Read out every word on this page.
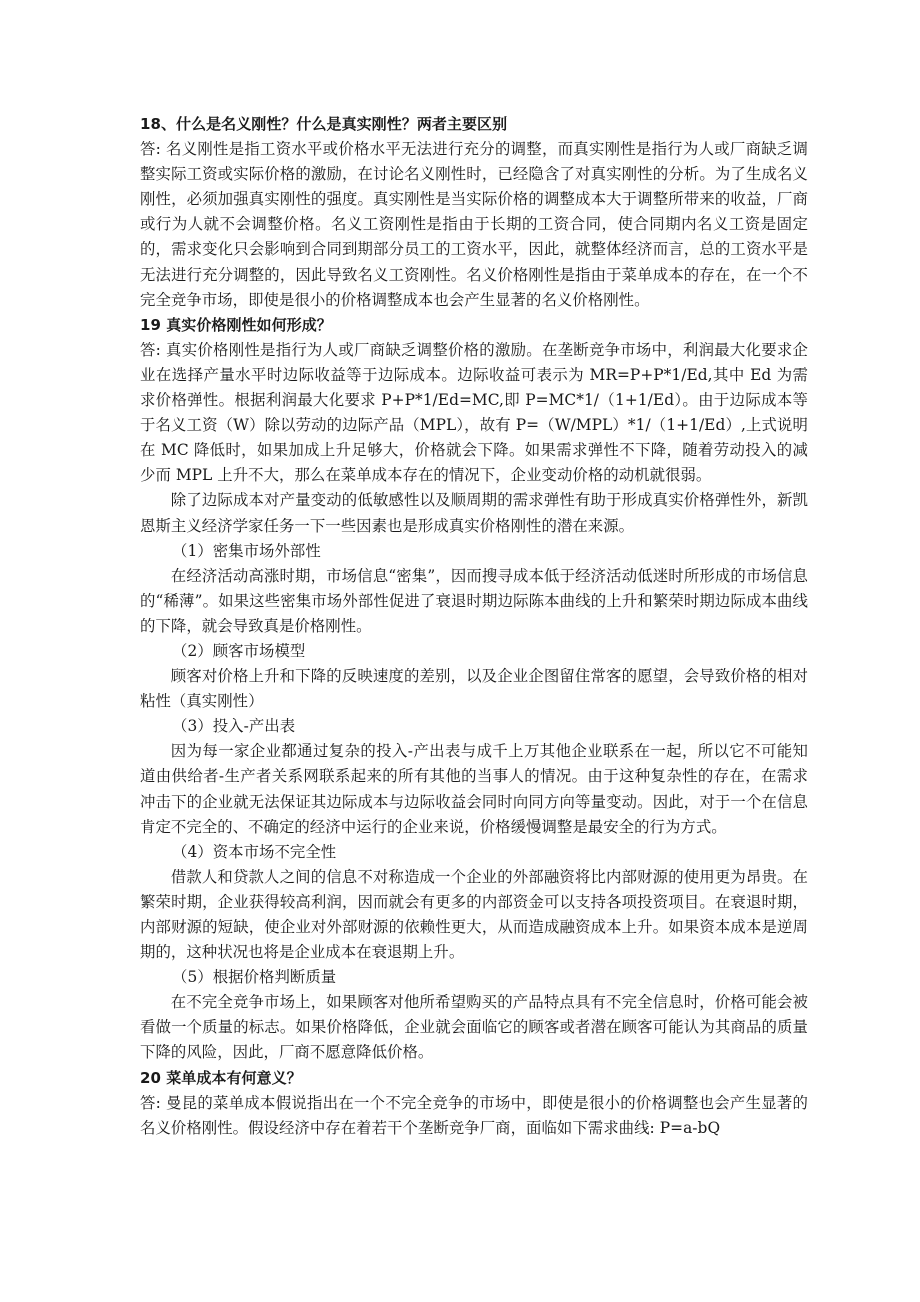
18、什么是名义刚性？什么是真实刚性？两者主要区别

答: 名义刚性是指工资水平或价格水平无法进行充分的调整，而真实刚性是指行为人或厂商缺乏调整实际工资或实际价格的激励，在讨论名义刚性时，已经隐含了对真实刚性的分析。为了生成名义刚性，必须加强真实刚性的强度。真实刚性是当实际价格的调整成本大于调整所带来的收益，厂商或行为人就不会调整价格。名义工资刚性是指由于长期的工资合同，使合同期内名义工资是固定的，需求变化只会影响到合同到期部分员工的工资水平，因此，就整体经济而言，总的工资水平是无法进行充分调整的，因此导致名义工资刚性。名义价格刚性是指由于菜单成本的存在，在一个不完全竞争市场，即使是很小的价格调整成本也会产生显著的名义价格刚性。

19 真实价格刚性如何形成？

答: 真实价格刚性是指行为人或厂商缺乏调整价格的激励。在垄断竞争市场中，利润最大化要求企业在选择产量水平时边际收益等于边际成本。边际收益可表示为 MR=P+P*1/Ed,其中 Ed 为需求价格弹性。根据利润最大化要求 P+P*1/Ed=MC,即 P=MC*1/（1+1/Ed）。由于边际成本等于名义工资（W）除以劳动的边际产品（MPL），故有 P=（W/MPL）*1/（1+1/Ed）,上式说明在 MC 降低时，如果加成上升足够大，价格就会下降。如果需求弹性不下降，随着劳动投入的减少而 MPL 上升不大，那么在菜单成本存在的情况下，企业变动价格的动机就很弱。

除了边际成本对产量变动的低敏感性以及顺周期的需求弹性有助于形成真实价格弹性外，新凯恩斯主义经济学家任务一下一些因素也是形成真实价格刚性的潜在来源。

（1）密集市场外部性

在经济活动高涨时期，市场信息“密集”，因而搜寻成本低于经济活动低迷时所形成的市场信息的“稀薄”。如果这些密集市场外部性促进了衰退时期边际陈本曲线的上升和繁荣时期边际成本曲线的下降，就会导致真是价格刚性。

（2）顾客市场模型

顾客对价格上升和下降的反映速度的差别，以及企业企图留住常客的愿望，会导致价格的相对粘性（真实刚性）

（3）投入-产出表

因为每一家企业都通过复杂的投入-产出表与成千上万其他企业联系在一起，所以它不可能知道由供给者-生产者关系网联系起来的所有其他的当事人的情况。由于这种复杂性的存在，在需求冲击下的企业就无法保证其边际成本与边际收益会同时向同方向等量变动。因此，对于一个在信息肯定不完全的、不确定的经济中运行的企业来说，价格缓慢调整是最安全的行为方式。

（4）资本市场不完全性

借款人和贷款人之间的信息不对称造成一个企业的外部融资将比内部财源的使用更为昂贵。在繁荣时期，企业获得较高利润，因而就会有更多的内部资金可以支持各项投资项目。在衰退时期，内部财源的短缺，使企业对外部财源的依赖性更大，从而造成融资成本上升。如果资本成本是逆周期的，这种状况也将是企业成本在衰退期上升。

（5）根据价格判断质量

在不完全竞争市场上，如果顾客对他所希望购买的产品特点具有不完全信息时，价格可能会被看做一个质量的标志。如果价格降低，企业就会面临它的顾客或者潜在顾客可能认为其商品的质量下降的风险，因此，厂商不愿意降低价格。

20 菜单成本有何意义？

答: 曼昆的菜单成本假说指出在一个不完全竞争的市场中，即使是很小的价格调整也会产生显著的名义价格刚性。假设经济中存在着若干个垄断竞争厂商，面临如下需求曲线: P=a-bQ
